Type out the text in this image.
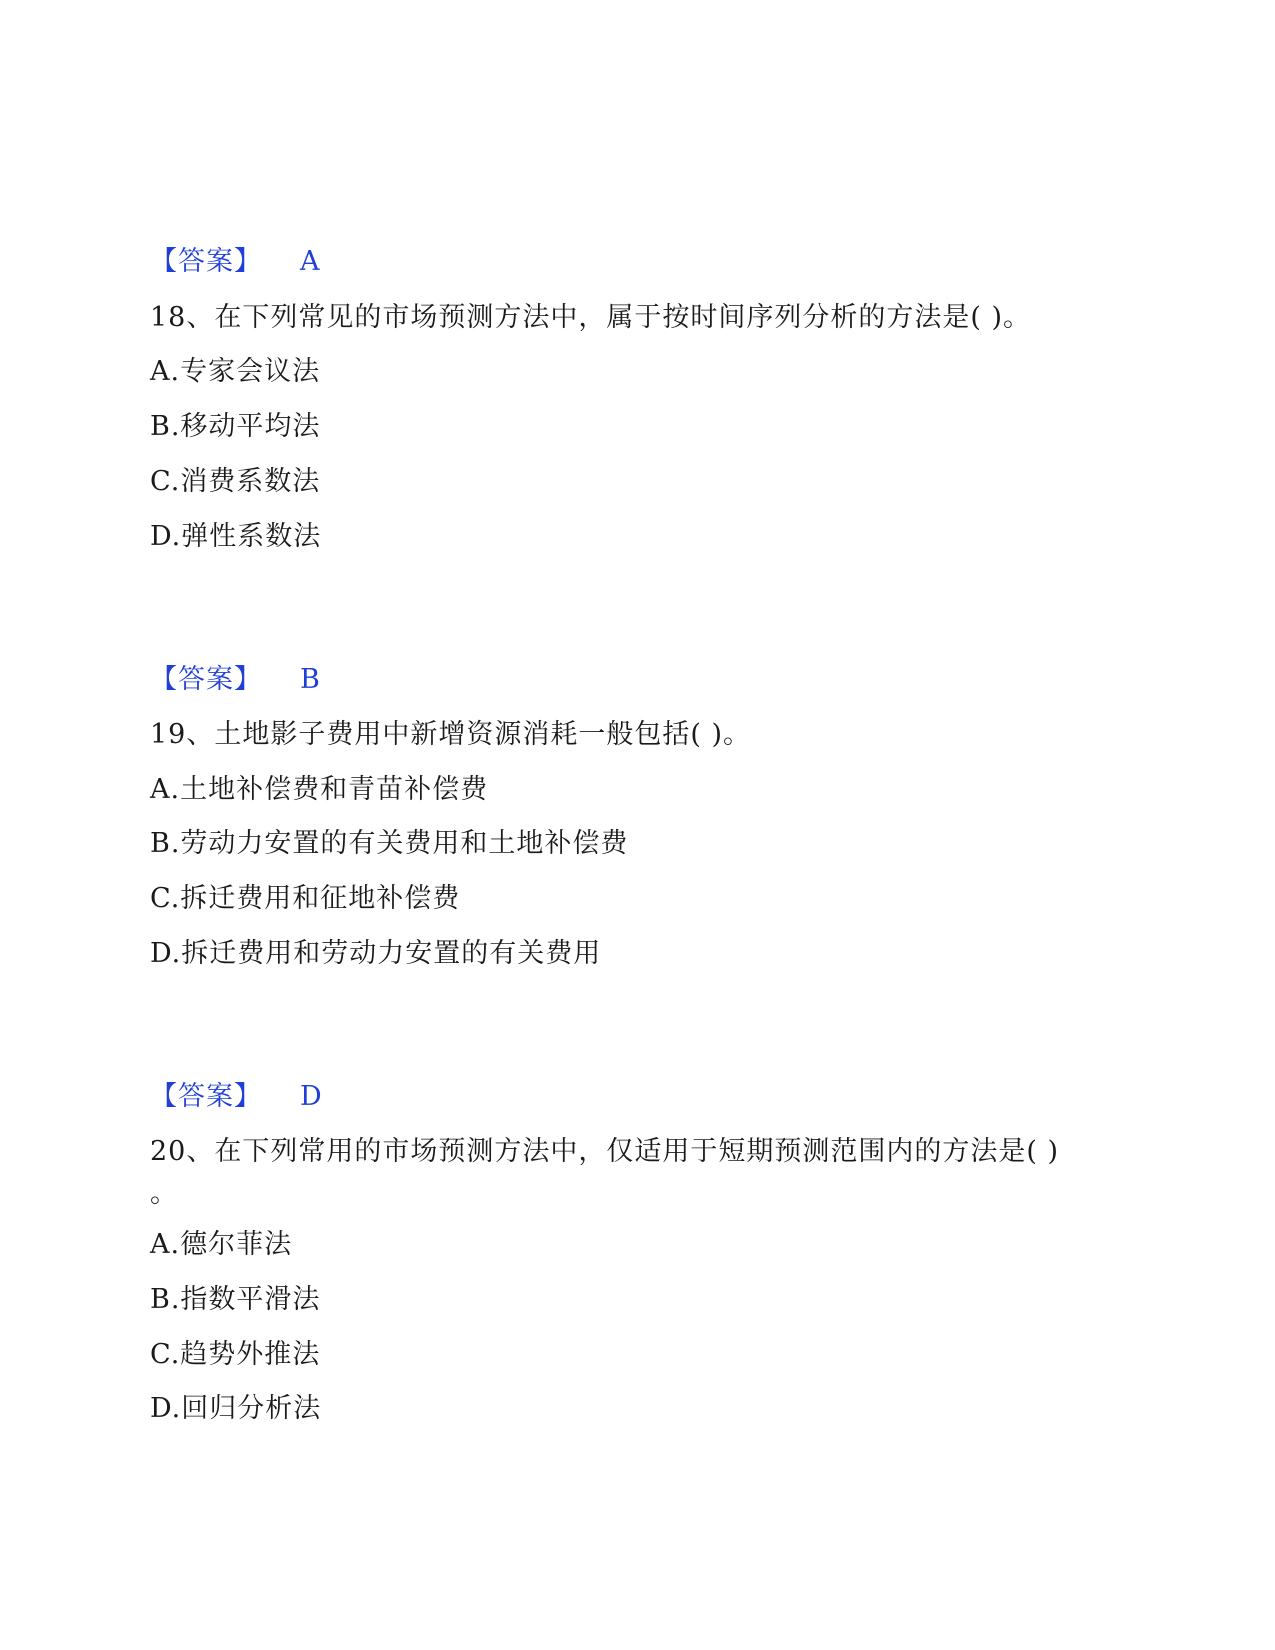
【答案】 A
18、在下列常见的市场预测方法中，属于按时间序列分析的方法是( )。
A.专家会议法
B.移动平均法
C.消费系数法
D.弹性系数法
【答案】 B
19、土地影子费用中新增资源消耗一般包括( )。
A.土地补偿费和青苗补偿费
B.劳动力安置的有关费用和土地补偿费
C.拆迁费用和征地补偿费
D.拆迁费用和劳动力安置的有关费用
【答案】 D
20、在下列常用的市场预测方法中，仅适用于短期预测范围内的方法是( )
。
A.德尔菲法
B.指数平滑法
C.趋势外推法
D.回归分析法
